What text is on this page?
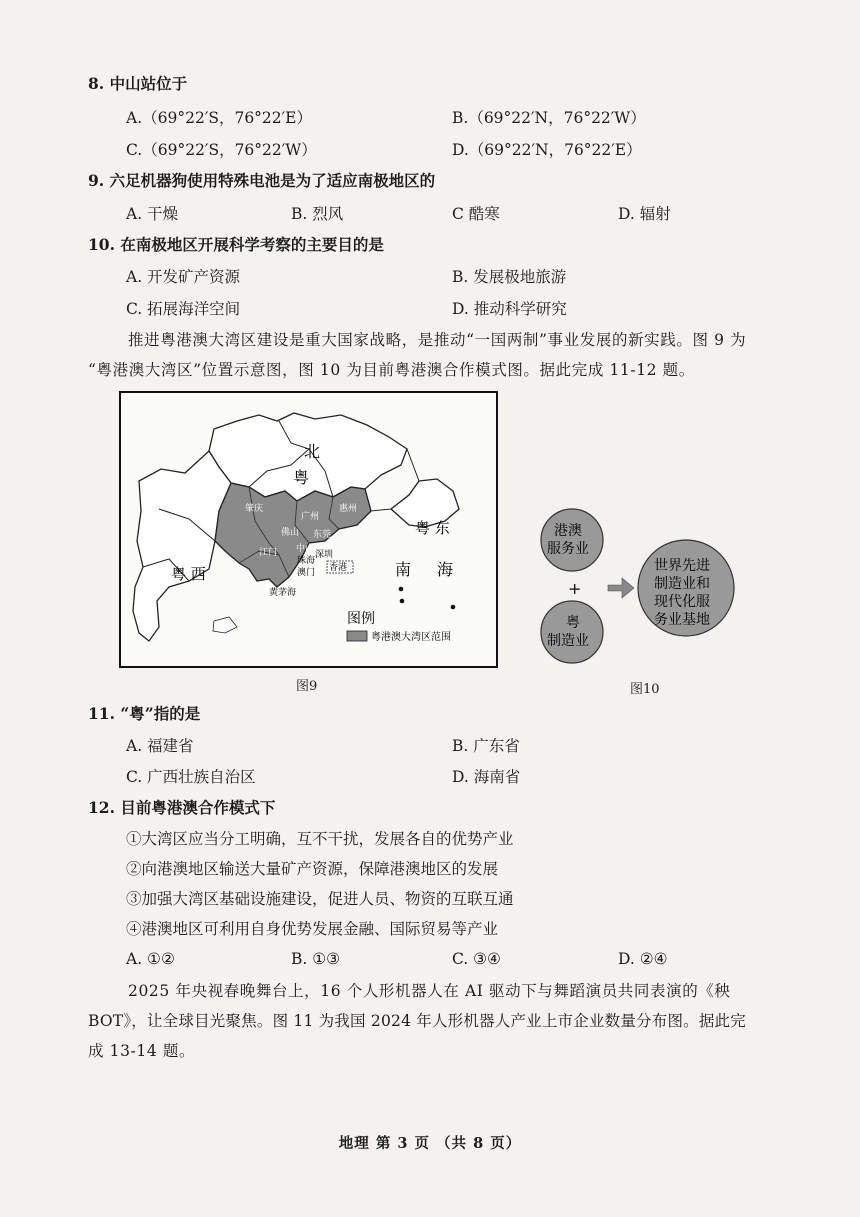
8. 中山站位于
A.（69°22′S，76°22′E）	B.（69°22′N，76°22′W）
C.（69°22′S，76°22′W）	D.（69°22′N，76°22′E）
9. 六足机器狗使用特殊电池是为了适应南极地区的
A. 干燥	B. 烈风	C 酷寒	D. 辐射
10. 在南极地区开展科学考察的主要目的是
A. 开发矿产资源	B. 发展极地旅游
C. 拓展海洋空间	D. 推动科学研究
推进粤港澳大湾区建设是重大国家战略，是推动“一国两制”事业发展的新实践。图 9 为
“粤港澳大湾区”位置示意图，图 10 为目前粤港澳合作模式图。据此完成 11-12 题。
北
粤
粤 东
粤 西	南 海
肇庆
广州
惠州
佛山 东莞
中山
江门
珠海
深圳
香港
澳门
黄茅海
图例
粤港澳大湾区范围
图9
港澳
服务业
+
粤
制造业
世界先进
制造业和
现代化服
务业基地
图10
11. “粤”指的是
A. 福建省	B. 广东省
C. 广西壮族自治区	D. 海南省
12. 目前粤港澳合作模式下
①大湾区应当分工明确，互不干扰，发展各自的优势产业
②向港澳地区输送大量矿产资源，保障港澳地区的发展
③加强大湾区基础设施建设，促进人员、物资的互联互通
④港澳地区可利用自身优势发展金融、国际贸易等产业
A. ①②	B. ①③	C. ③④	D. ②④
2025 年央视春晚舞台上，16 个人形机器人在 AI 驱动下与舞蹈演员共同表演的《秧
BOT》，让全球目光聚焦。图 11 为我国 2024 年人形机器人产业上市企业数量分布图。据此完
成 13-14 题。
地理 第 3 页 （共 8 页）
